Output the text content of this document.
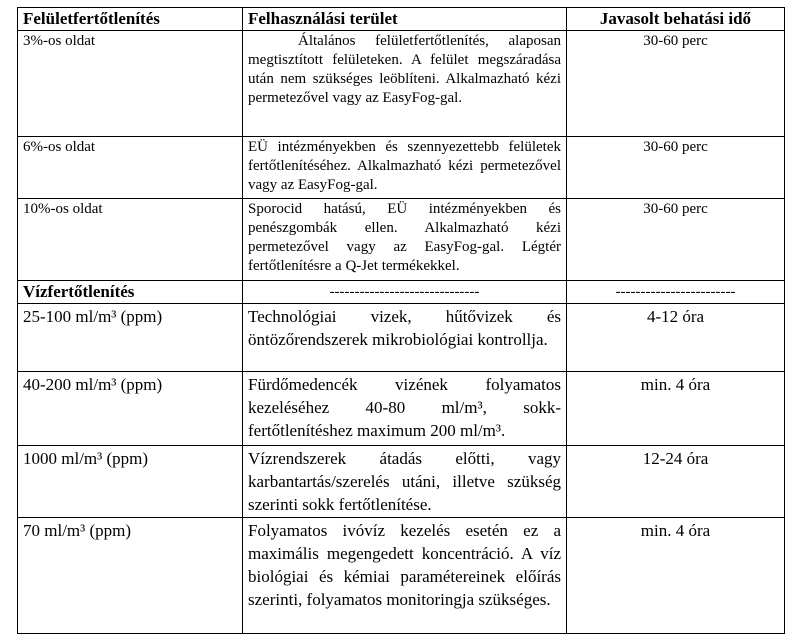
Felületfertőtlenítés	Felhasználási terület	Javasolt behatási idő
3%-os oldat	Általános felületfertőtlenítés, alaposan megtisztított felületeken. A felület megszáradása után nem szükséges leöblíteni. Alkalmazható kézi permetezővel vagy az EasyFog-gal.	30-60 perc
6%-os oldat	EÜ intézményekben és szennyezettebb felületek fertőtlenítéséhez. Alkalmazható kézi permetezővel vagy az EasyFog-gal.	30-60 perc
10%-os oldat	Sporocid hatású, EÜ intézményekben és penészgombák ellen. Alkalmazható kézi permetezővel vagy az EasyFog-gal. Légtér fertőtlenítésre a Q-Jet termékekkel.	30-60 perc
Vízfertőtlenítés	------------------------------	------------------------
25-100 ml/m³ (ppm)	Technológiai vizek, hűtővizek és öntözőrendszerek mikrobiológiai kontrollja.	4-12 óra
40-200 ml/m³ (ppm)	Fürdőmedencék vizének folyamatos kezeléséhez 40-80 ml/m³, sokk-fertőtlenítéshez maximum 200 ml/m³.	min. 4 óra
1000 ml/m³ (ppm)	Vízrendszerek átadás előtti, vagy karbantartás/szerelés utáni, illetve szükség szerinti sokk fertőtlenítése.	12-24 óra
70 ml/m³ (ppm)	Folyamatos ivóvíz kezelés esetén ez a maximális megengedett koncentráció. A víz biológiai és kémiai paramétereinek előírás szerinti, folyamatos monitoringja szükséges.	min. 4 óra
